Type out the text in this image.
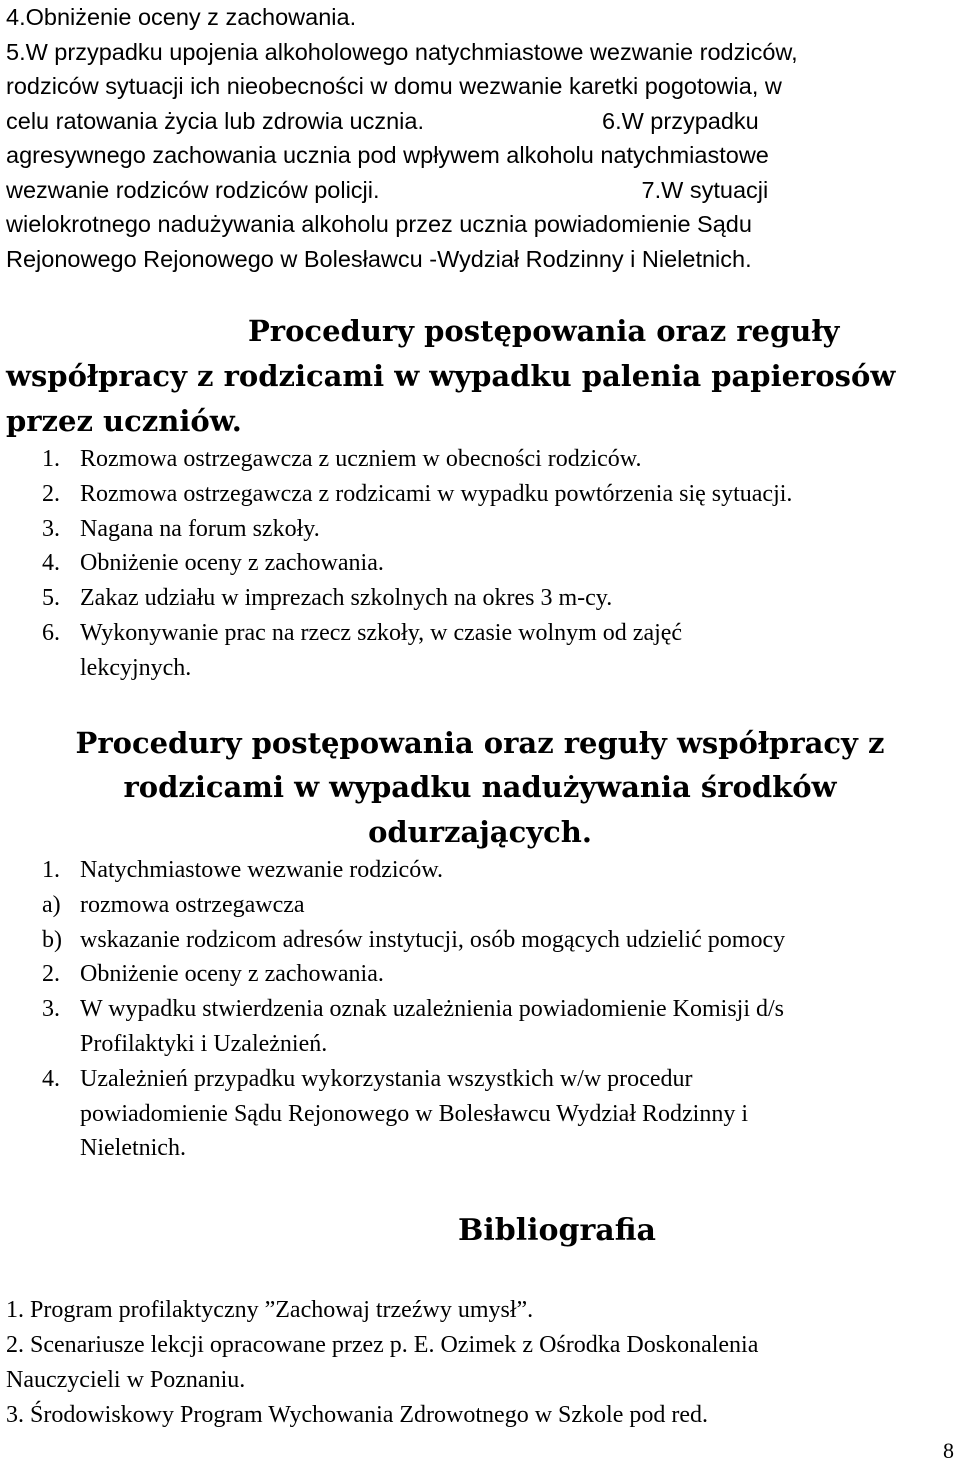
4.Obniżenie oceny z zachowania.
5.W przypadku upojenia alkoholowego natychmiastowe wezwanie rodziców,
rodziców sytuacji ich nieobecności w domu wezwanie karetki pogotowia, w
celu ratowania życia lub zdrowia ucznia.	6.W przypadku
agresywnego zachowania ucznia pod wpływem alkoholu natychmiastowe
wezwanie rodziców rodziców policji.	7.W sytuacji
wielokrotnego nadużywania alkoholu przez ucznia powiadomienie Sądu
Rejonowego Rejonowego w Bolesławcu -Wydział Rodzinny i Nieletnich.
Procedury postępowania oraz reguły
współpracy z rodzicami w wypadku palenia papierosów
przez uczniów.
1. Rozmowa ostrzegawcza z uczniem w obecności rodziców.
2. Rozmowa ostrzegawcza z rodzicami w wypadku powtórzenia się sytuacji.
3. Nagana na forum szkoły.
4. Obniżenie oceny z zachowania.
5. Zakaz udziału w imprezach szkolnych na okres 3 m-cy.
6. Wykonywanie prac na rzecz szkoły, w czasie wolnym od zajęć
lekcyjnych.
Procedury postępowania oraz reguły współpracy z
rodzicami w wypadku nadużywania środków
odurzających.
1. Natychmiastowe wezwanie rodziców.
a) rozmowa ostrzegawcza
b) wskazanie rodzicom adresów instytucji, osób mogących udzielić pomocy
2. Obniżenie oceny z zachowania.
3. W wypadku stwierdzenia oznak uzależnienia powiadomienie Komisji d/s
Profilaktyki i Uzależnień.
4. Uzależnień przypadku wykorzystania wszystkich w/w procedur
powiadomienie Sądu Rejonowego w Bolesławcu Wydział Rodzinny i
Nieletnich.
Bibliografia
1. Program profilaktyczny ”Zachowaj trzeźwy umysł”.
2. Scenariusze lekcji opracowane przez p. E. Ozimek z Ośrodka Doskonalenia
Nauczycieli w Poznaniu.
3. Środowiskowy Program Wychowania Zdrowotnego w Szkole pod red.
8
